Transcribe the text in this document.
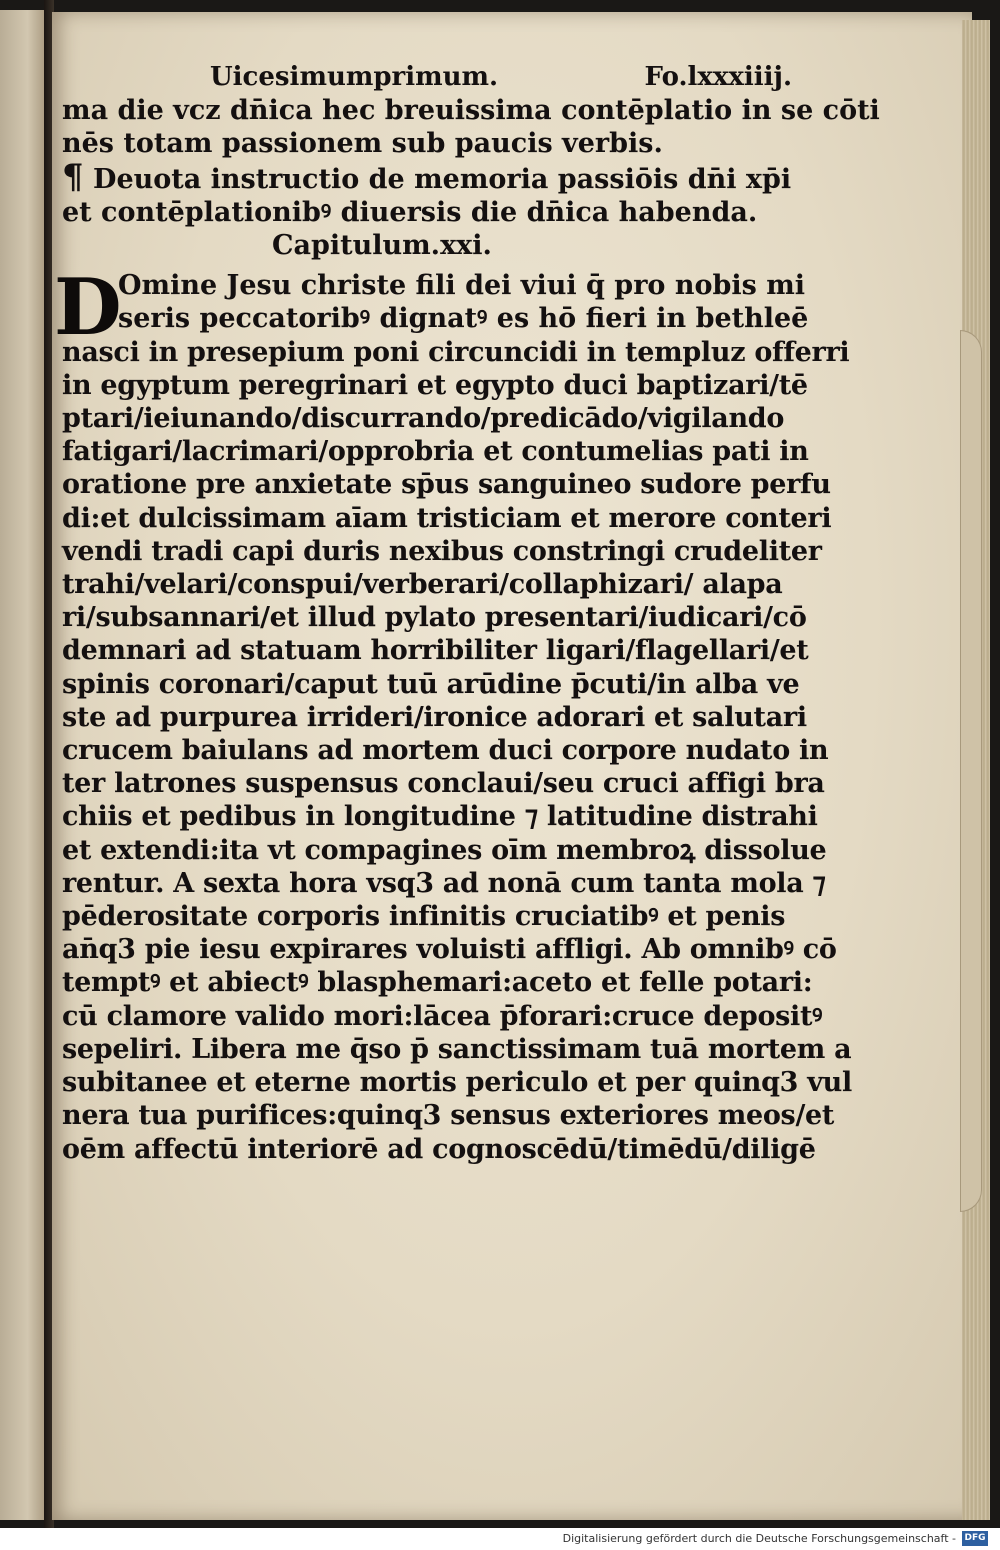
Uicesimumprimum.	Fo.lxxxiiij.
ma die vcz dn̄ica hec breuissima contēplatio in se cōti
nēs totam passionem sub paucis verbis.
¶ Deuota instructio de memoria passiōis dn̄i xp̄i
et contēplationibꝰ diuersis die dn̄ica habenda.
Capitulum.xxi.
D
Omine Jesu christe fili dei viui q̄ pro nobis mi
seris peccatoribꝰ dignatꝰ es hō fieri in bethleē
nasci in presepium poni circuncidi in templuz offerri
in egyptum peregrinari et egypto duci baptizari/tē
ptari/ieiunando/discurrando/predicādo/vigilando
fatigari/lacrimari/opprobria et contumelias pati in
oratione pre anxietate sp̄us sanguineo sudore perfu
di:et dulcissimam aīam tristiciam et merore conteri
vendi tradi capi duris nexibus constringi crudeliter
trahi/velari/conspui/verberari/collaphizari/ alapa
ri/subsannari/et illud pylato presentari/iudicari/cō
demnari ad statuam horribiliter ligari/flagellari/et
spinis coronari/caput tuū arūdine p̄cuti/in alba ve
ste ad purpurea irrideri/ironice adorari et salutari
crucem baiulans ad mortem duci corpore nudato in
ter latrones suspensus conclaui/seu cruci affigi bra
chiis et pedibus in longitudine ⁊ latitudine distrahi
et extendi:ita vt compagines oīm membroꝝ dissolue
rentur. A sexta hora vsq3 ad nonā cum tanta mola ⁊
pēderositate corporis infinitis cruciatibꝰ et penis
an̄q3 pie iesu expirares voluisti affligi. Ab omnibꝰ cō
temptꝰ et abiectꝰ blasphemari:aceto et felle potari:
cū clamore valido mori:lācea p̄forari:cruce depositꝰ
sepeliri. Libera me q̄so p̄ sanctissimam tuā mortem a
subitanee et eterne mortis periculo et per quinq3 vul
nera tua purifices:quinq3 sensus exteriores meos/et
oēm affectū interiorē ad cognoscēdū/timēdū/diligē
Digitalisierung gefördert durch die Deutsche Forschungsgemeinschaft - DFG
